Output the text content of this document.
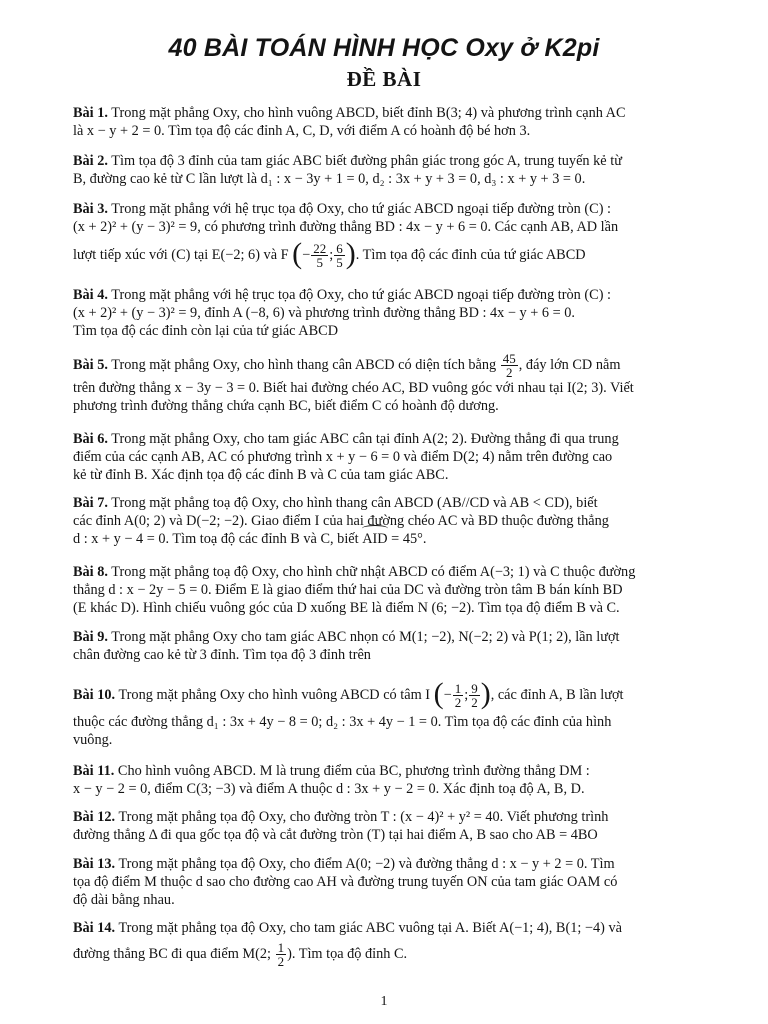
40 BÀI TOÁN HÌNH HỌC Oxy ở K2pi
ĐỀ BÀI

Bài 1. Trong mặt phẳng Oxy, cho hình vuông ABCD, biết đỉnh B(3; 4) và phương trình cạnh AC

là x − y + 2 = 0. Tìm tọa độ các đỉnh A, C, D, với điểm A có hoành độ bé hơn 3.

Bài 2. Tìm tọa độ 3 đỉnh của tam giác ABC biết đường phân giác trong góc A, trung tuyến kẻ từ

B, đường cao kẻ từ C lần lượt là d₁ : x − 3y + 1 = 0, d₂ : 3x + y + 3 = 0, d₃ : x + y + 3 = 0.

Bài 3. Trong mặt phẳng với hệ trục tọa độ Oxy, cho tứ giác ABCD ngoại tiếp đường tròn (C) :

(x + 2)² + (y − 3)² = 9, có phương trình đường thẳng BD : 4x − y + 6 = 0. Các cạnh AB, AD lần

lượt tiếp xúc với (C) tại E(−2; 6) và F (− $\frac{22}{5}$ ; $\frac{6}{5}$ ). Tìm tọa độ các đỉnh của tứ giác ABCD

Bài 4. Trong mặt phẳng với hệ trục tọa độ Oxy, cho tứ giác ABCD ngoại tiếp đường tròn (C) :

(x + 2)² + (y − 3)² = 9, đỉnh A (−8, 6) và phương trình đường thẳng BD : 4x − y + 6 = 0.

Tìm tọa độ các đỉnh còn lại của tứ giác ABCD

Bài 5. Trong mặt phẳng Oxy, cho hình thang cân ABCD có diện tích bằng $\frac{45}{2}$ , đáy lớn CD nằm

trên đường thẳng x − 3y − 3 = 0. Biết hai đường chéo AC, BD vuông góc với nhau tại I(2; 3). Viết

phương trình đường thẳng chứa cạnh BC, biết điểm C có hoành độ dương.

Bài 6. Trong mặt phẳng Oxy, cho tam giác ABC cân tại đỉnh A(2; 2). Đường thẳng đi qua trung

điểm của các cạnh AB, AC có phương trình x + y − 6 = 0 và điểm D(2; 4) nằm trên đường cao

kẻ từ đỉnh B. Xác định tọa độ các đỉnh B và C của tam giác ABC.

Bài 7. Trong mặt phẳng toạ độ Oxy, cho hình thang cân ABCD (AB//CD và AB < CD), biết

các đỉnh A(0; 2) và D(−2; −2). Giao điểm I của hai đường chéo AC và BD thuộc đường thẳng

d : x + y − 4 = 0. Tìm toạ độ các đỉnh B và C, biết AID = 45°.

Bài 8. Trong mặt phẳng toạ độ Oxy, cho hình chữ nhật ABCD có điểm A(−3; 1) và C thuộc đường

thẳng d : x − 2y − 5 = 0. Điểm E là giao điểm thứ hai của DC và đường tròn tâm B bán kính BD

(E khác D). Hình chiếu vuông góc của D xuống BE là điểm N (6; −2). Tìm tọa độ điểm B và C.

Bài 9. Trong mặt phẳng Oxy cho tam giác ABC nhọn có M(1; −2), N(−2; 2) và P(1; 2), lần lượt

chân đường cao kẻ từ 3 đỉnh. Tìm tọa độ 3 đỉnh trên

Bài 10. Trong mặt phẳng Oxy cho hình vuông ABCD có tâm I (− $\frac{1}{2}$ ; $\frac{9}{2}$ ), các đỉnh A, B lần lượt

thuộc các đường thẳng d₁ : 3x + 4y − 8 = 0; d₂ : 3x + 4y − 1 = 0. Tìm tọa độ các đỉnh của hình

vuông.

Bài 11. Cho hình vuông ABCD. M là trung điểm của BC, phương trình đường thẳng DM :

x − y − 2 = 0, điểm C(3; −3) và điểm A thuộc d : 3x + y − 2 = 0. Xác định toạ độ A, B, D.

Bài 12. Trong mặt phẳng tọa độ Oxy, cho đường tròn T : (x − 4)² + y² = 40. Viết phương trình

đường thẳng Δ đi qua gốc tọa độ và cắt đường tròn (T) tại hai điểm A, B sao cho AB = 4BO

Bài 13. Trong mặt phẳng tọa độ Oxy, cho điểm A(0; −2) và đường thẳng d : x − y + 2 = 0. Tìm

tọa độ điểm M thuộc d sao cho đường cao AH và đường trung tuyến ON của tam giác OAM có

độ dài bằng nhau.

Bài 14. Trong mặt phẳng tọa độ Oxy, cho tam giác ABC vuông tại A. Biết A(−1; 4), B(1; −4) và

đường thẳng BC đi qua điểm M(2; $\frac{1}{2}$ ). Tìm tọa độ đỉnh C.

1
